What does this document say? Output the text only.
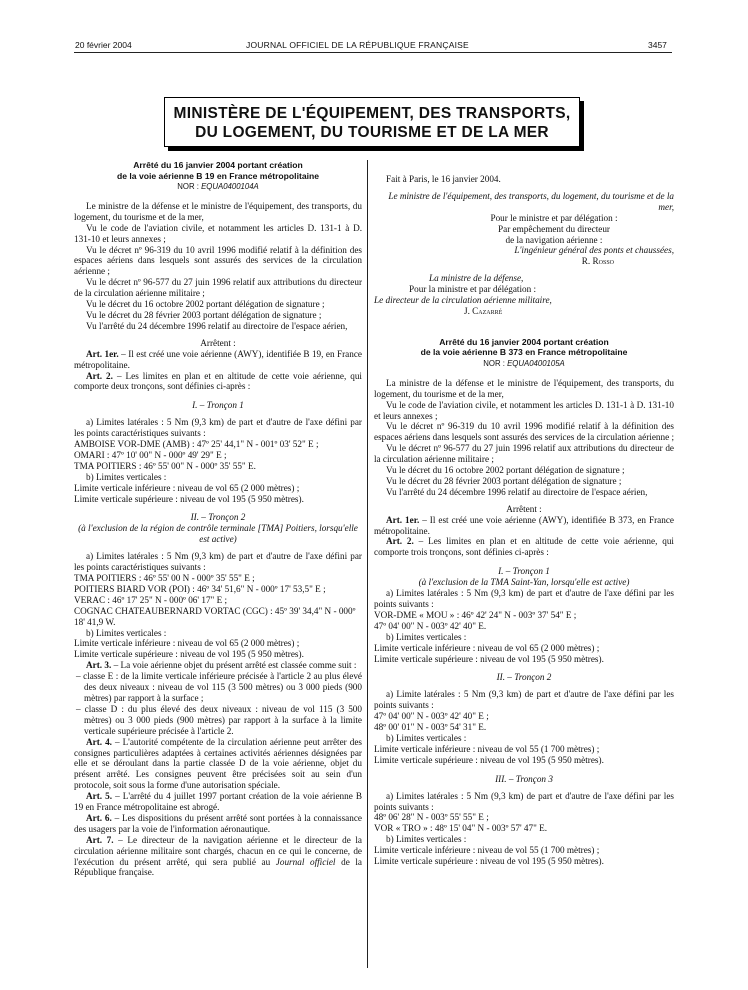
20 février 2004	JOURNAL OFFICIEL DE LA RÉPUBLIQUE FRANÇAISE	3457
MINISTÈRE DE L'ÉQUIPEMENT, DES TRANSPORTS,
DU LOGEMENT, DU TOURISME ET DE LA MER
Arrêté du 16 janvier 2004 portant création
de la voie aérienne B 19 en France métropolitaine
NOR : EQUA0400104A

Le ministre de la défense et le ministre de l'équipement, des transports, du logement, du tourisme et de la mer,

Vu le code de l'aviation civile, et notamment les articles D. 131-1 à D. 131-10 et leurs annexes ;

Vu le décret nº 96-319 du 10 avril 1996 modifié relatif à la définition des espaces aériens dans lesquels sont assurés des services de la circulation aérienne ;

Vu le décret nº 96-577 du 27 juin 1996 relatif aux attributions du directeur de la circulation aérienne militaire ;

Vu le décret du 16 octobre 2002 portant délégation de signature ;

Vu le décret du 28 février 2003 portant délégation de signature ;

Vu l'arrêté du 24 décembre 1996 relatif au directoire de l'espace aérien,

Arrêtent :

Art. 1er. – Il est créé une voie aérienne (AWY), identifiée B 19, en France métropolitaine.

Art. 2. – Les limites en plan et en altitude de cette voie aérienne, qui comporte deux tronçons, sont définies ci-après :

I. – Tronçon 1

a) Limites latérales : 5 Nm (9,3 km) de part et d'autre de l'axe défini par les points caractéristiques suivants :

AMBOISE VOR-DME (AMB) : 47º 25' 44,1" N - 001º 03' 52" E ;

OMARI : 47º 10' 00" N - 000º 49' 29" E ;

TMA POITIERS : 46º 55' 00" N - 000º 35' 55" E.

b) Limites verticales :

Limite verticale inférieure : niveau de vol 65 (2 000 mètres) ;

Limite verticale supérieure : niveau de vol 195 (5 950 mètres).

II. – Tronçon 2

(à l'exclusion de la région de contrôle terminale [TMA] Poitiers, lorsqu'elle est active)

a) Limites latérales : 5 Nm (9,3 km) de part et d'autre de l'axe défini par les points caractéristiques suivants :

TMA POITIERS : 46º 55' 00 N - 000º 35' 55" E ;

POITIERS BIARD VOR (POI) : 46º 34' 51,6" N - 000º 17' 53,5" E ;

VERAC : 46º 17' 25" N - 000º 06' 17" E ;

COGNAC CHATEAUBERNARD VORTAC (CGC) : 45º 39' 34,4" N - 000º 18' 41,9 W.

b) Limites verticales :

Limite verticale inférieure : niveau de vol 65 (2 000 mètres) ;

Limite verticale supérieure : niveau de vol 195 (5 950 mètres).

Art. 3. – La voie aérienne objet du présent arrêté est classée comme suit :

– classe E : de la limite verticale inférieure précisée à l'article 2 au plus élevé des deux niveaux : niveau de vol 115 (3 500 mètres) ou 3 000 pieds (900 mètres) par rapport à la surface ;

– classe D : du plus élevé des deux niveaux : niveau de vol 115 (3 500 mètres) ou 3 000 pieds (900 mètres) par rapport à la surface à la limite verticale supérieure précisée à l'article 2.

Art. 4. – L'autorité compétente de la circulation aérienne peut arrêter des consignes particulières adaptées à certaines activités aériennes désignées par elle et se déroulant dans la partie classée D de la voie aérienne, objet du présent arrêté. Les consignes peuvent être précisées soit au sein d'un protocole, soit sous la forme d'une autorisation spéciale.

Art. 5. – L'arrêté du 4 juillet 1997 portant création de la voie aérienne B 19 en France métropolitaine est abrogé.

Art. 6. – Les dispositions du présent arrêté sont portées à la connaissance des usagers par la voie de l'information aéronautique.

Art. 7. – Le directeur de la navigation aérienne et le directeur de la circulation aérienne militaire sont chargés, chacun en ce qui le concerne, de l'exécution du présent arrêté, qui sera publié au Journal officiel de la République française.

Fait à Paris, le 16 janvier 2004.

Le ministre de l'équipement, des transports, du logement, du tourisme et de la mer,

Pour le ministre et par délégation :

Par empêchement du directeur

de la navigation aérienne :

L'ingénieur général des ponts et chaussées,

R. Rosso

La ministre de la défense,

Pour la ministre et par délégation :

Le directeur de la circulation aérienne militaire,

J. Cazarré

Arrêté du 16 janvier 2004 portant création
de la voie aérienne B 373 en France métropolitaine
NOR : EQUA0400105A

La ministre de la défense et le ministre de l'équipement, des transports, du logement, du tourisme et de la mer,

Vu le code de l'aviation civile, et notamment les articles D. 131-1 à D. 131-10 et leurs annexes ;

Vu le décret nº 96-319 du 10 avril 1996 modifié relatif à la définition des espaces aériens dans lesquels sont assurés des services de la circulation aérienne ;

Vu le décret nº 96-577 du 27 juin 1996 relatif aux attributions du directeur de la circulation aérienne militaire ;

Vu le décret du 16 octobre 2002 portant délégation de signature ;

Vu le décret du 28 février 2003 portant délégation de signature ;

Vu l'arrêté du 24 décembre 1996 relatif au directoire de l'espace aérien,

Arrêtent :

Art. 1er. – Il est créé une voie aérienne (AWY), identifiée B 373, en France métropolitaine.

Art. 2. – Les limites en plan et en altitude de cette voie aérienne, qui comporte trois tronçons, sont définies ci-après :

I. – Tronçon 1

(à l'exclusion de la TMA Saint-Yan, lorsqu'elle est active)

a) Limites latérales : 5 Nm (9,3 km) de part et d'autre de l'axe défini par les points suivants :

VOR-DME « MOU » : 46º 42' 24" N - 003º 37' 54" E ;

47º 04' 00" N - 003º 42' 40" E.

b) Limites verticales :

Limite verticale inférieure : niveau de vol 65 (2 000 mètres) ;

Limite verticale supérieure : niveau de vol 195 (5 950 mètres).

II. – Tronçon 2

a) Limite latérales : 5 Nm (9,3 km) de part et d'autre de l'axe défini par les points suivants :

47º 04' 00" N - 003º 42' 40" E ;

48º 00' 01" N - 003º 54' 31" E.

b) Limites verticales :

Limite verticale inférieure : niveau de vol 55 (1 700 mètres) ;

Limite verticale supérieure : niveau de vol 195 (5 950 mètres).

III. – Tronçon 3

a) Limites latérales : 5 Nm (9,3 km) de part et d'autre de l'axe défini par les points suivants :

48º 06' 28" N - 003º 55' 55" E ;

VOR « TRO » : 48º 15' 04" N - 003º 57' 47" E.

b) Limites verticales :

Limite verticale inférieure : niveau de vol 55 (1 700 mètres) ;

Limite verticale supérieure : niveau de vol 195 (5 950 mètres).
